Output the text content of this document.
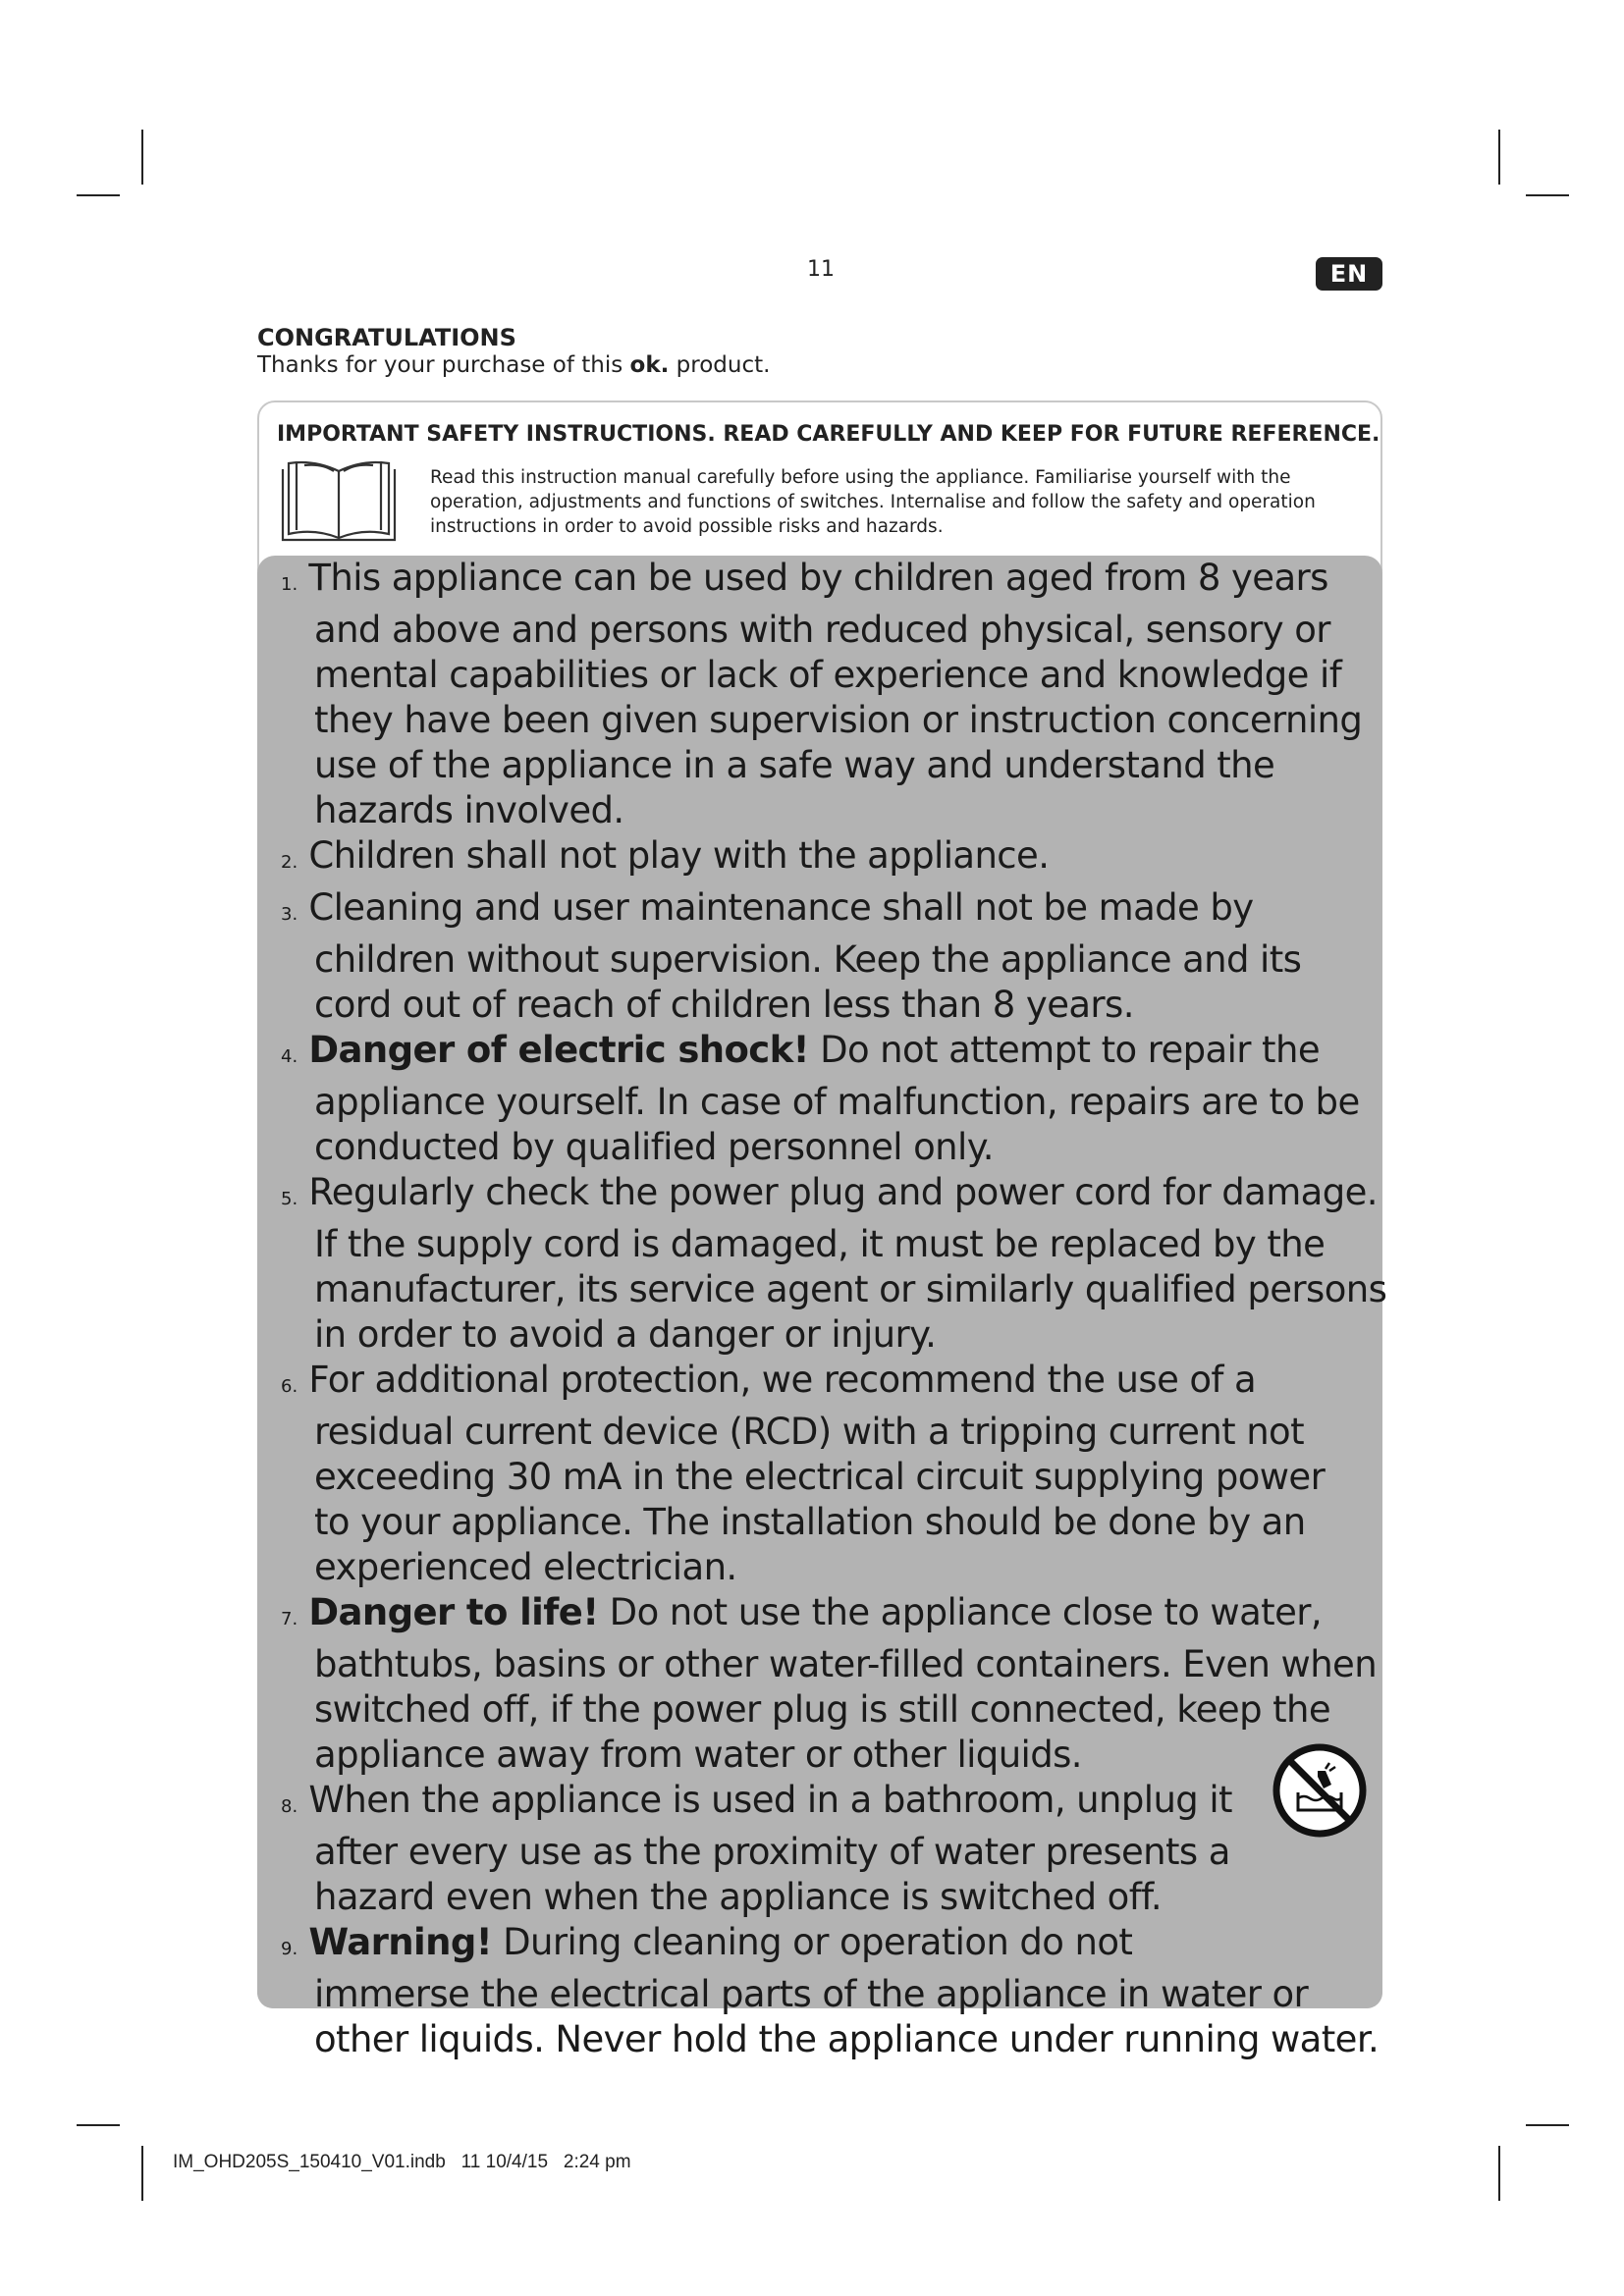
11	EN
CONGRATULATIONS
Thanks for your purchase of this ok. product.
IMPORTANT SAFETY INSTRUCTIONS. READ CAREFULLY AND KEEP FOR FUTURE REFERENCE.
Read this instruction manual carefully before using the appliance. Familiarise yourself with the
operation, adjustments and functions of switches. Internalise and follow the safety and operation
instructions in order to avoid possible risks and hazards.
1. This appliance can be used by children aged from 8 years
and above and persons with reduced physical, sensory or
mental capabilities or lack of experience and knowledge if
they have been given supervision or instruction concerning
use of the appliance in a safe way and understand the
hazards involved.
2. Children shall not play with the appliance.
3. Cleaning and user maintenance shall not be made by
children without supervision. Keep the appliance and its
cord out of reach of children less than 8 years.
4. Danger of electric shock! Do not attempt to repair the
appliance yourself. In case of malfunction, repairs are to be
conducted by qualified personnel only.
5. Regularly check the power plug and power cord for damage.
If the supply cord is damaged, it must be replaced by the
manufacturer, its service agent or similarly qualified persons
in order to avoid a danger or injury.
6. For additional protection, we recommend the use of a
residual current device (RCD) with a tripping current not
exceeding 30 mA in the electrical circuit supplying power
to your appliance. The installation should be done by an
experienced electrician.
7. Danger to life! Do not use the appliance close to water,
bathtubs, basins or other water-filled containers. Even when
switched off, if the power plug is still connected, keep the
appliance away from water or other liquids.
8. When the appliance is used in a bathroom, unplug it
after every use as the proximity of water presents a
hazard even when the appliance is switched off.
9. Warning! During cleaning or operation do not
immerse the electrical parts of the appliance in water or
other liquids. Never hold the appliance under running water.
IM_OHD205S_150410_V01.indb   11 10/4/15   2:24 pm
